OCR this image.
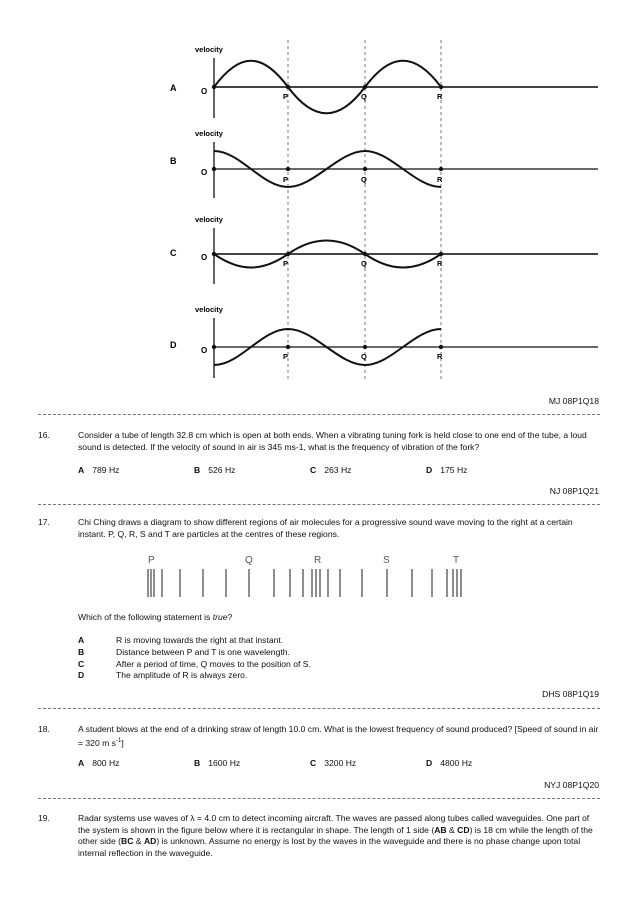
A
velocity
O
P	Q	R
B
velocity
O
P	Q	R
C
velocity
O
P	Q	R
D
velocity
O
P	Q	R
MJ 08P1Q18
16.	Consider a tube of length 32.8 cm which is open at both ends. When a vibrating tuning fork is held close to one end of the tube, a loud sound is detected. If the velocity of sound in air is 345 ms-1, what is the frequency of vibration of the fork?
A 789 Hz	B 526 Hz	C 263 Hz	D 175 Hz
NJ 08P1Q21
17.	Chi Ching draws a diagram to show different regions of air molecules for a progressive sound wave moving to the right at a certain instant. P, Q, R, S and T are particles at the centres of these regions.
P	Q	R	S	T
Which of the following statement is true?
A	R is moving towards the right at that instant.
B	Distance between P and T is one wavelength.
C	After a period of time, Q moves to the position of S.
D	The amplitude of R is always zero.
DHS 08P1Q19
18.	A student blows at the end of a drinking straw of length 10.0 cm. What is the lowest frequency of sound produced? [Speed of sound in air = 320 m $s^{-1}$]
A 800 Hz	B 1600 Hz	C 3200 Hz	D 4800 Hz
NYJ 08P1Q20
19.	Radar systems use waves of λ = 4.0 cm to detect incoming aircraft. The waves are passed along tubes called waveguides. One part of the system is shown in the figure below where it is rectangular in shape. The length of 1 side (AB & CD) is 18 cm while the length of the other side (BC & AD) is unknown. Assume no energy is lost by the waves in the waveguide and there is no phase change upon total internal reflection in the waveguide.
